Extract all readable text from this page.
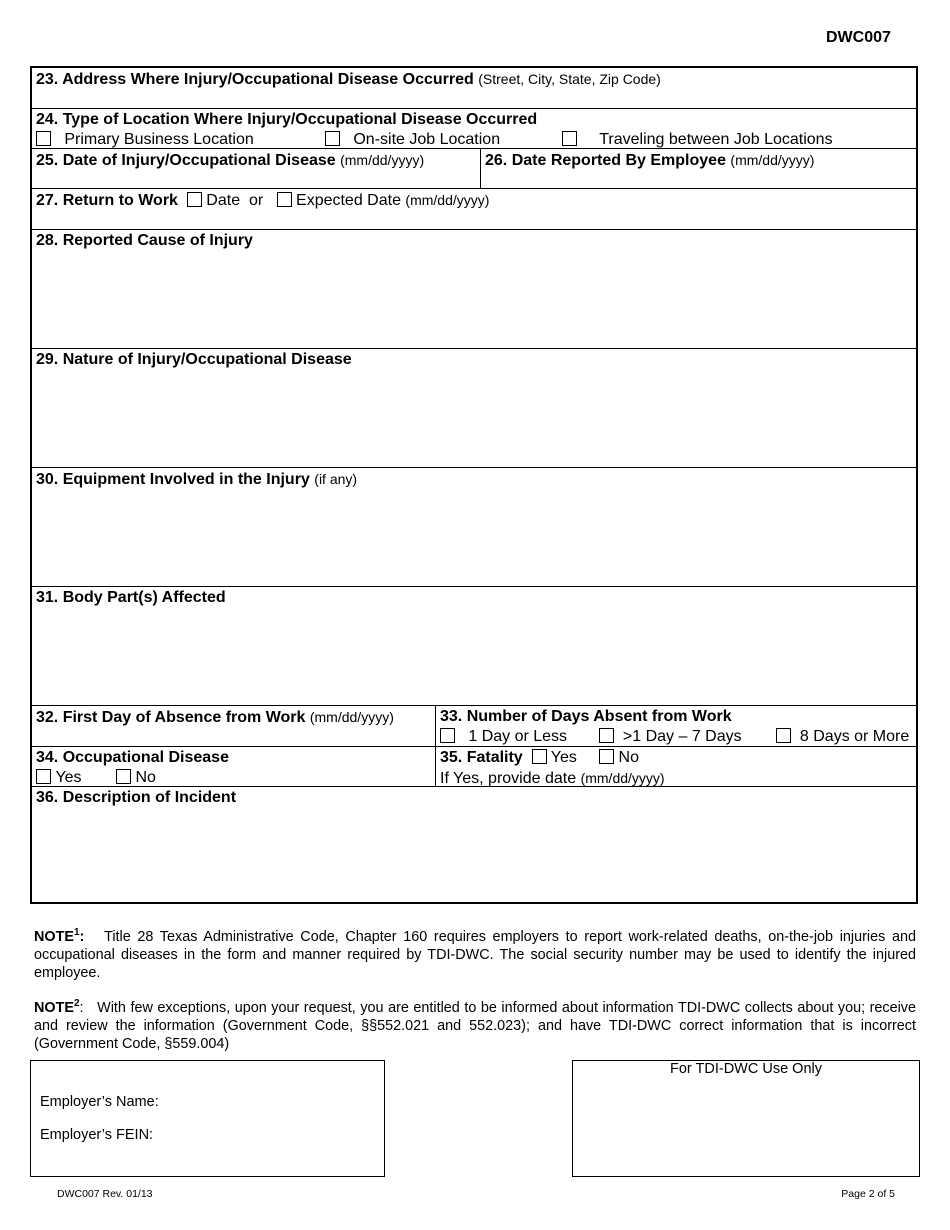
DWC007
23. Address Where Injury/Occupational Disease Occurred (Street, City, State, Zip Code)
24. Type of Location Where Injury/Occupational Disease Occurred
Primary Business Location	On-site Job Location	Traveling between Job Locations
25. Date of Injury/Occupational Disease (mm/dd/yyyy)	26. Date Reported By Employee (mm/dd/yyyy)
27. Return to Work Date or Expected Date (mm/dd/yyyy)
28. Reported Cause of Injury
29. Nature of Injury/Occupational Disease
30. Equipment Involved in the Injury (if any)
31. Body Part(s) Affected
32. First Day of Absence from Work (mm/dd/yyyy)	33. Number of Days Absent from Work
1 Day or Less	>1 Day – 7 Days	8 Days or More
34. Occupational Disease
Yes	No
35. Fatality Yes	No
If Yes, provide date (mm/dd/yyyy)
36. Description of Incident
NOTE$^1$: Title 28 Texas Administrative Code, Chapter 160 requires employers to report work-related deaths, on-the-job injuries and occupational diseases in the form and manner required by TDI-DWC. The social security number may be used to identify the injured employee.
NOTE$^2$: With few exceptions, upon your request, you are entitled to be informed about information TDI-DWC collects about you; receive and review the information (Government Code, §§552.021 and 552.023); and have TDI-DWC correct information that is incorrect (Government Code, §559.004)
Employer’s Name:
Employer’s FEIN:
For TDI-DWC Use Only
DWC007 Rev. 01/13	Page 2 of 5
